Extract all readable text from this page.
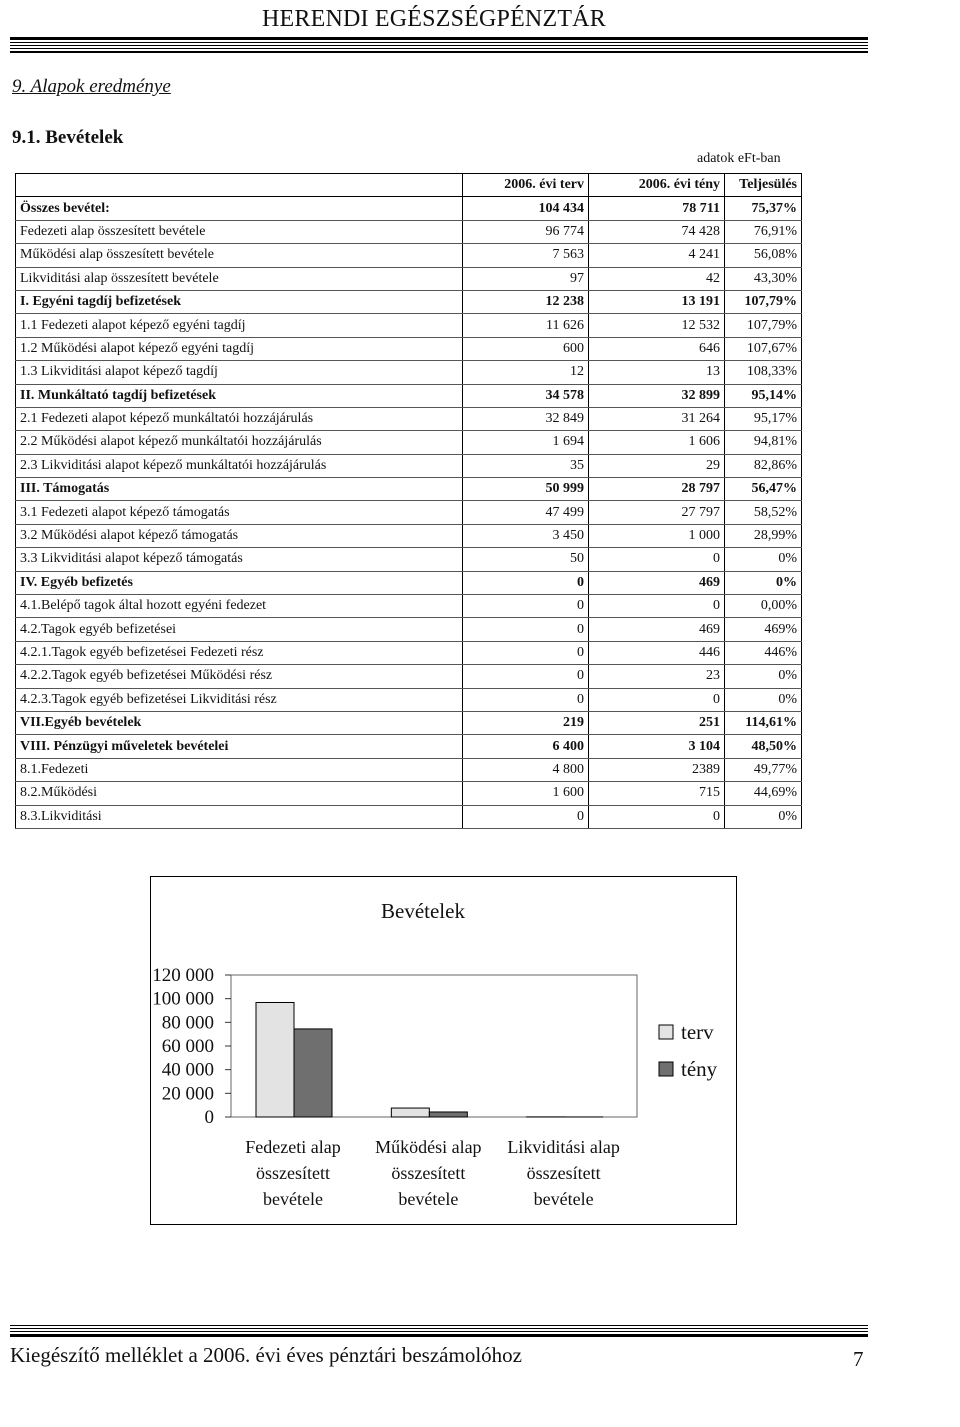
HERENDI EGÉSZSÉGPÉNZTÁR
9. Alapok eredménye
9.1. Bevételek
adatok eFt-ban
	2006. évi terv	2006. évi tény	Teljesülés
Összes bevétel:	104 434	78 711	75,37%
Fedezeti alap összesített bevétele	96 774	74 428	76,91%
Működési alap összesített bevétele	7 563	4 241	56,08%
Likviditási alap összesített bevétele	97	42	43,30%
I. Egyéni tagdíj befizetések	12 238	13 191	107,79%
1.1 Fedezeti alapot képező egyéni tagdíj	11 626	12 532	107,79%
1.2 Működési alapot képező egyéni tagdíj	600	646	107,67%
1.3 Likviditási alapot képező tagdíj	12	13	108,33%
II. Munkáltató tagdíj befizetések	34 578	32 899	95,14%
2.1 Fedezeti alapot képező munkáltatói hozzájárulás	32 849	31 264	95,17%
2.2 Működési alapot képező munkáltatói hozzájárulás	1 694	1 606	94,81%
2.3 Likviditási alapot képező munkáltatói hozzájárulás	35	29	82,86%
III. Támogatás	50 999	28 797	56,47%
3.1 Fedezeti alapot képező támogatás	47 499	27 797	58,52%
3.2 Működési alapot képező támogatás	3 450	1 000	28,99%
3.3 Likviditási alapot képező támogatás	50	0	0%
IV. Egyéb befizetés	0	469	0%
4.1.Belépő tagok által hozott egyéni fedezet	0	0	0,00%
4.2.Tagok egyéb befizetései	0	469	469%
4.2.1.Tagok egyéb befizetései Fedezeti rész	0	446	446%
4.2.2.Tagok egyéb befizetései Működési rész	0	23	0%
4.2.3.Tagok egyéb befizetései Likviditási rész	0	0	0%
VII.Egyéb bevételek	219	251	114,61%
VIII. Pénzügyi műveletek bevételei	6 400	3 104	48,50%
8.1.Fedezeti	4 800	2389	49,77%
8.2.Működési	1 600	715	44,69%
8.3.Likviditási	0	0	0%
Bevételek
120 000
100 000
80 000
60 000
40 000
20 000
0
Fedezeti alap
összesített
bevétele
Működési alap
összesített
bevétele
Likviditási alap
összesített
bevétele
terv
tény
Kiegészítő melléklet a 2006. évi éves pénztári beszámolóhoz	7
